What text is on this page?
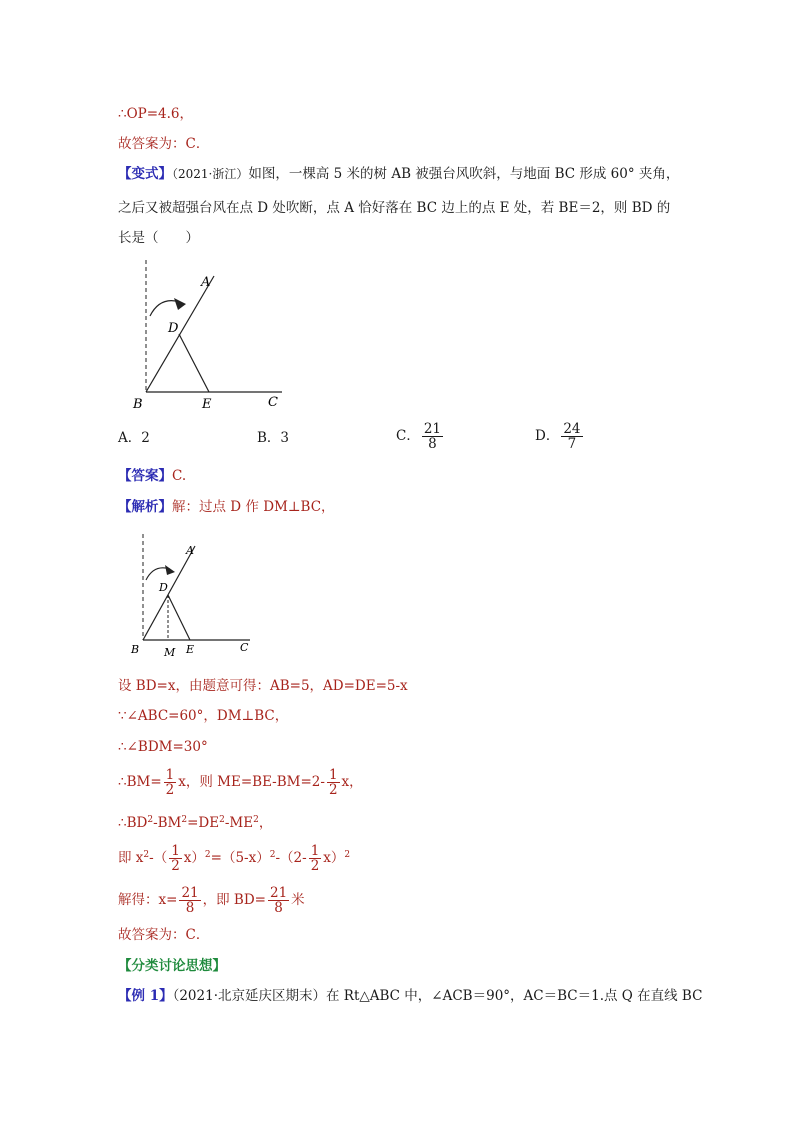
∴OP=4.6，
故答案为：C．
【变式】（2021·浙江）如图，一棵高 5 米的树 AB 被强台风吹斜，与地面 BC 形成 60° 夹角，
之后又被超强台风在点 D 处吹断，点 A 恰好落在 BC 边上的点 E 处，若 BE＝2，则 BD 的
长是（　　）
A
D
B	E	C
A．2	B．3	C． $\frac{21}{8}$	D． $\frac{24}{7}$
【答案】C.
【解析】解：过点 D 作 DM⊥BC，
A
D
B M E	C
设 BD=x，由题意可得：AB=5，AD=DE=5-x
∵∠ABC=60°，DM⊥BC，
∴∠BDM=30°
∴BM= $\frac{1}{2}$ x，则 $ME=BE-BM=2- \frac{1}{2}$ x，
$\therefore BD^2-BM^2=DE^2-ME^2$，
即 $x^2-( \frac{1}{2} x)^2=(5-x)^2-(2- \frac{1}{2} x)^2$
解得：$x= \frac{21}{8}$ ，即 $BD= \frac{21}{8}$ 米
故答案为：C．
【分类讨论思想】
【例 1】（2021·北京延庆区期末）在 Rt△ABC 中，∠ACB＝90°，AC＝BC＝1.点 Q 在直线 BC
